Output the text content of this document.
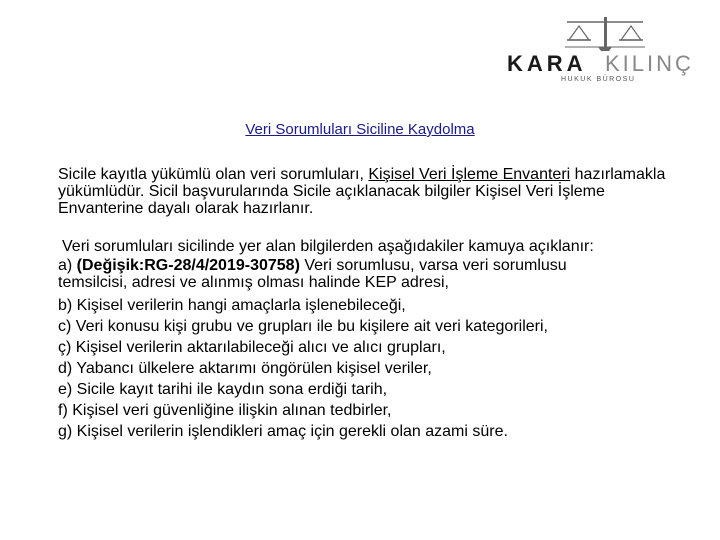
KARA KILINÇ
HUKUK BÜROSU
Veri Sorumluları Siciline Kaydolma

Sicile kayıtla yükümlü olan veri sorumluları, Kişisel Veri İşleme Envanteri hazırlamakla yükümlüdür. Sicil başvurularında Sicile açıklanacak bilgiler Kişisel Veri İşleme Envanterine dayalı olarak hazırlanır.

Veri sorumluları sicilinde yer alan bilgilerden aşağıdakiler kamuya açıklanır:
a) (Değişik:RG-28/4/2019-30758) Veri sorumlusu, varsa veri sorumlusu
temsilcisi, adresi ve alınmış olması halinde KEP adresi,
b) Kişisel verilerin hangi amaçlarla işlenebileceği,
c) Veri konusu kişi grubu ve grupları ile bu kişilere ait veri kategorileri,
ç) Kişisel verilerin aktarılabileceği alıcı ve alıcı grupları,
d) Yabancı ülkelere aktarımı öngörülen kişisel veriler,
e) Sicile kayıt tarihi ile kaydın sona erdiği tarih,
f) Kişisel veri güvenliğine ilişkin alınan tedbirler,
g) Kişisel verilerin işlendikleri amaç için gerekli olan azami süre.
